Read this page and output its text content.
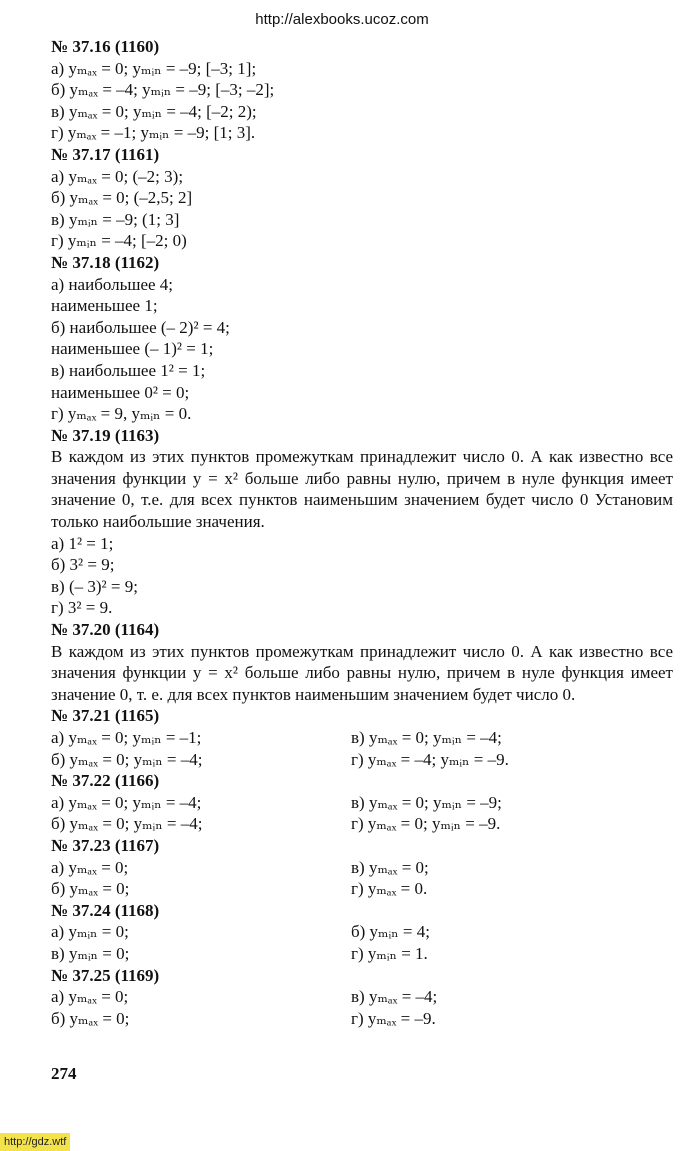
http://alexbooks.ucoz.com
№ 37.16 (1160)
а) yₘₐₓ = 0; yₘᵢₙ = –9; [–3; 1];
б) yₘₐₓ = –4; yₘᵢₙ = –9; [–3; –2];
в) yₘₐₓ = 0; yₘᵢₙ = –4; [–2; 2);
г) yₘₐₓ = –1; yₘᵢₙ = –9; [1; 3].
№ 37.17 (1161)
а) yₘₐₓ = 0; (–2; 3);
б) yₘₐₓ = 0; (–2,5; 2]
в) yₘᵢₙ = –9; (1; 3]
г) yₘᵢₙ = –4; [–2; 0)
№ 37.18 (1162)
а) наибольшее 4;
наименьшее 1;
б) наибольшее (– 2)² = 4;
наименьшее (– 1)² = 1;
в) наибольшее 1² = 1;
наименьшее 0² = 0;
г) yₘₐₓ = 9, yₘᵢₙ = 0.
№ 37.19 (1163)
В каждом из этих пунктов промежуткам принадлежит число 0. А как известно все значения функции y = x² больше либо равны нулю, причем в нуле функция имеет значение 0, т.е. для всех пунктов наименьшим значением будет число 0 Установим только наибольшие значения.
а) 1² = 1;
б) 3² = 9;
в) (– 3)² = 9;
г) 3² = 9.
№ 37.20 (1164)
В каждом из этих пунктов промежуткам принадлежит число 0. А как известно все значения функции y = x² больше либо равны нулю, причем в нуле функция имеет значение 0, т. е. для всех пунктов наименьшим значением будет число 0.
№ 37.21 (1165)
а) yₘₐₓ = 0; yₘᵢₙ = –1;	в) yₘₐₓ = 0; yₘᵢₙ = –4;
б) yₘₐₓ = 0; yₘᵢₙ = –4;	г) yₘₐₓ = –4; yₘᵢₙ = –9.
№ 37.22 (1166)
а) yₘₐₓ = 0; yₘᵢₙ = –4;	в) yₘₐₓ = 0; yₘᵢₙ = –9;
б) yₘₐₓ = 0; yₘᵢₙ = –4;	г) yₘₐₓ = 0; yₘᵢₙ = –9.
№ 37.23 (1167)
а) yₘₐₓ = 0;	в) yₘₐₓ = 0;
б) yₘₐₓ = 0;	г) yₘₐₓ = 0.
№ 37.24 (1168)
а) yₘᵢₙ = 0;	б) yₘᵢₙ = 4;
в) yₘᵢₙ = 0;	г) yₘᵢₙ = 1.
№ 37.25 (1169)
а) yₘₐₓ = 0;	в) yₘₐₓ = –4;
б) yₘₐₓ = 0;	г) yₘₐₓ = –9.
274
http://gdz.wtf
